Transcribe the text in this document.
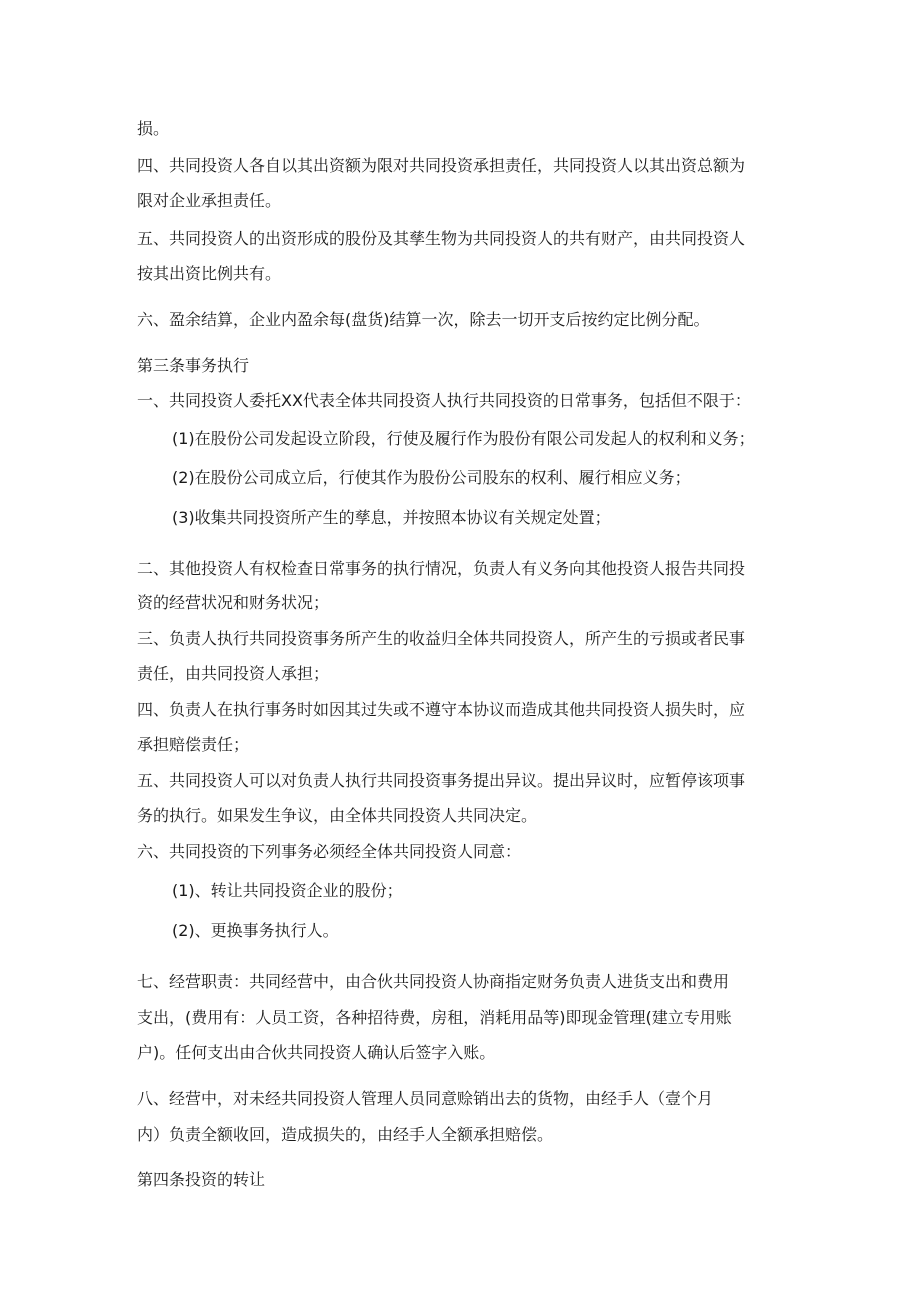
损。
四、共同投资人各自以其出资额为限对共同投资承担责任，共同投资人以其出资总额为
限对企业承担责任。
五、共同投资人的出资形成的股份及其孳生物为共同投资人的共有财产，由共同投资人
按其出资比例共有。
六、盈余结算，企业内盈余每(盘货)结算一次，除去一切开支后按约定比例分配。
第三条事务执行
一、共同投资人委托XX代表全体共同投资人执行共同投资的日常事务，包括但不限于：
(1)在股份公司发起设立阶段，行使及履行作为股份有限公司发起人的权利和义务；
(2)在股份公司成立后，行使其作为股份公司股东的权利、履行相应义务；
(3)收集共同投资所产生的孳息，并按照本协议有关规定处置；
二、其他投资人有权检查日常事务的执行情况，负责人有义务向其他投资人报告共同投
资的经营状况和财务状况；
三、负责人执行共同投资事务所产生的收益归全体共同投资人，所产生的亏损或者民事
责任，由共同投资人承担；
四、负责人在执行事务时如因其过失或不遵守本协议而造成其他共同投资人损失时，应
承担赔偿责任；
五、共同投资人可以对负责人执行共同投资事务提出异议。提出异议时，应暂停该项事
务的执行。如果发生争议，由全体共同投资人共同决定。
六、共同投资的下列事务必须经全体共同投资人同意：
(1)、转让共同投资企业的股份；
(2)、更换事务执行人。
七、经营职责：共同经营中，由合伙共同投资人协商指定财务负责人进货支出和费用
支出，(费用有：人员工资，各种招待费，房租，消耗用品等)即现金管理(建立专用账
户)。任何支出由合伙共同投资人确认后签字入账。
八、经营中，对未经共同投资人管理人员同意赊销出去的货物，由经手人（壹个月
内）负责全额收回，造成损失的，由经手人全额承担赔偿。
第四条投资的转让
